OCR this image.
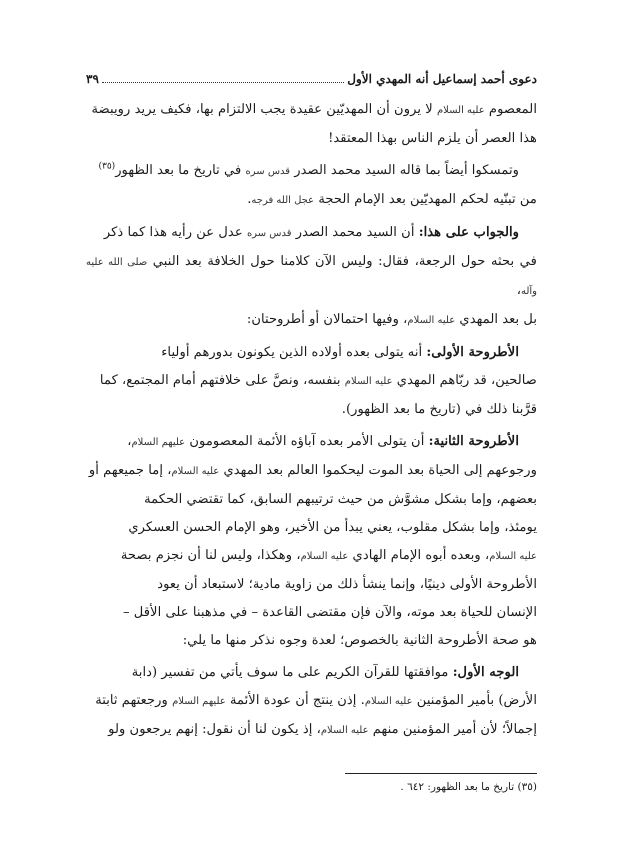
دعوى أحمد إسماعيل أنه المهدي الأول
٣٩

المعصوم عليه السلام لا يرون أن المهديّين عقيدة يجب الالتزام بها، فكيف يريد رويبضة
هذا العصر أن يلزم الناس بهذا المعتقد!

وتمسكوا أيضاً بما قاله السيد محمد الصدر قدس سره في تاريخ ما بعد الظهور$^{(٣٥)}$
من تبنّيه لحكم المهديّين بعد الإمام الحجة عجل الله فرجه.

والجواب على هذا: أن السيد محمد الصدر قدس سره عدل عن رأيه هذا كما ذكر
في بحثه حول الرجعة، فقال: وليس الآن كلامنا حول الخلافة بعد النبي صلى الله عليه وآله،
بل بعد المهدي عليه السلام، وفيها احتمالان أو أطروحتان:

الأطروحة الأولى: أنه يتولى بعده أولاده الذين يكونون بدورهم أولياء
صالحين، قد ربّاهم المهدي عليه السلام بنفسه، ونصَّ على خلافتهم أمام المجتمع، كما
قرَّبنا ذلك في (تاريخ ما بعد الظهور).

الأطروحة الثانية: أن يتولى الأمر بعده آباؤه الأئمة المعصومون عليهم السلام،
ورجوعهم إلى الحياة بعد الموت ليحكموا العالم بعد المهدي عليه السلام، إما جميعهم أو
بعضهم، وإما بشكل مشوَّش من حيث ترتيبهم السابق، كما تقتضي الحكمة
يومئذ، وإما بشكل مقلوب، يعني يبدأ من الأخير، وهو الإمام الحسن العسكري
عليه السلام، وبعده أبوه الإمام الهادي عليه السلام، وهكذا، وليس لنا أن نجزم بصحة
الأطروحة الأولى دينيًا، وإنما ينشأ ذلك من زاوية مادية؛ لاستبعاد أن يعود
الإنسان للحياة بعد موته، والآن فإن مقتضى القاعدة – في مذهبنا على الأقل –
هو صحة الأطروحة الثانية بالخصوص؛ لعدة وجوه نذكر منها ما يلي:

الوجه الأول: موافقتها للقرآن الكريم على ما سوف يأتي من تفسير (دابة
الأرض) بأمير المؤمنين عليه السلام. إذن ينتج أن عودة الأئمة عليهم السلام ورجعتهم ثابتة
إجمالاً؛ لأن أمير المؤمنين منهم عليه السلام، إذ يكون لنا أن نقول: إنهم يرجعون ولو

(٣٥) تاريخ ما بعد الظهور: ٦٤٢ .
